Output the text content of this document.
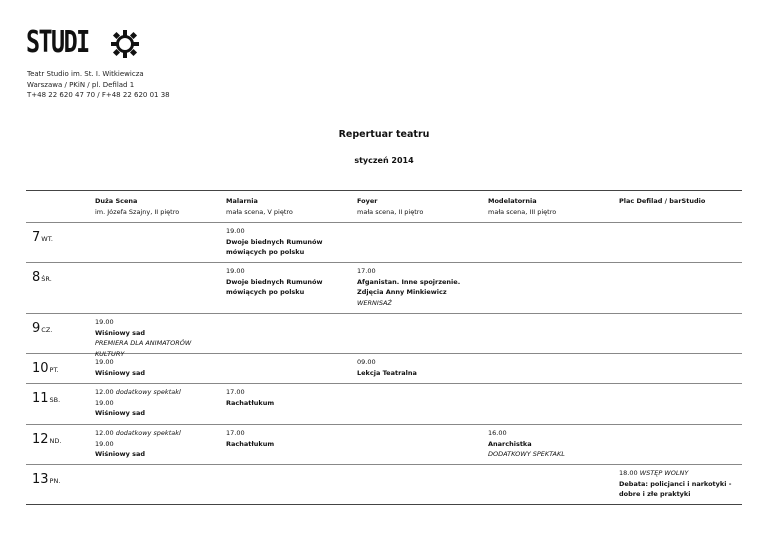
STUDI
Teatr Studio im. St. I. Witkiewicza
Warszawa / PKiN / pl. Defilad 1
T+48 22 620 47 70 / F+48 22 620 01 38
Repertuar teatru
styczeń 2014
Duża Scena
im. Józefa Szajny, II piętro
Malarnia
mała scena, V piętro
Foyer
mała scena, II piętro
Modelatornia
mała scena, III piętro
Plac Defilad / barStudio
7WT.
8ŚR.
9CZ.
10PT.
11SB.
12ND.
13PN.
19.00
Dwoje biednych Rumunów
mówiących po polsku
19.00
Dwoje biednych Rumunów
mówiących po polsku
17.00
Afganistan. Inne spojrzenie.
Zdjęcia Anny Minkiewicz
WERNISAŻ
19.00
Wiśniowy sad
PREMIERA DLA ANIMATORÓW KULTURY
19.00
Wiśniowy sad
09.00
Lekcja Teatralna
12.00 dodatkowy spektakl
19.00
Wiśniowy sad
17.00
Rachatłukum
12.00 dodatkowy spektakl
19.00
Wiśniowy sad
17.00
Rachatłukum
16.00
Anarchistka
DODATKOWY SPEKTAKL
18.00 WSTĘP WOLNY
Debata: policjanci i narkotyki -
dobre i złe praktyki
